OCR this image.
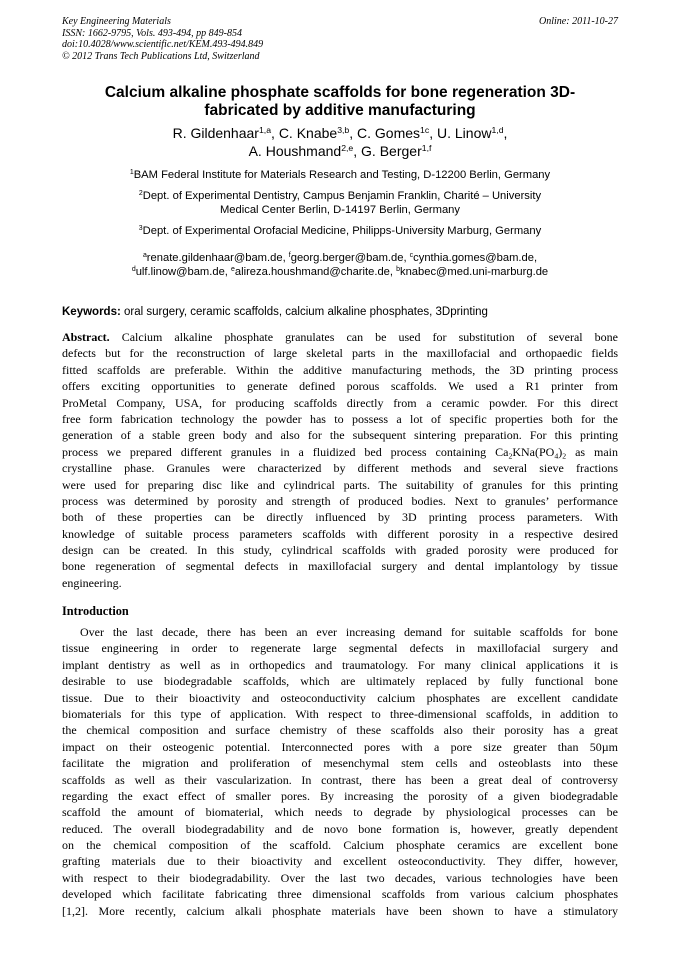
Key Engineering Materials
ISSN: 1662-9795, Vols. 493-494, pp 849-854
doi:10.4028/www.scientific.net/KEM.493-494.849
© 2012 Trans Tech Publications Ltd, Switzerland
Online: 2011-10-27
Calcium alkaline phosphate scaffolds for bone regeneration 3D-
fabricated by additive manufacturing
R. Gildenhaar$^{1,a}$, C. Knabe$^{3,b}$, C. Gomes$^{1c}$, U. Linow$^{1,d}$,
A. Houshmand$^{2,e}$, G. Berger$^{1,f}$
$^1$BAM Federal Institute for Materials Research and Testing, D-12200 Berlin, Germany
$^2$Dept. of Experimental Dentistry, Campus Benjamin Franklin, Charité – University
Medical Center Berlin, D-14197 Berlin, Germany
$^3$Dept. of Experimental Orofacial Medicine, Philipps-University Marburg, Germany
$^a$renate.gildenhaar@bam.de, $^f$georg.berger@bam.de, $^c$cynthia.gomes@bam.de,
$^d$ulf.linow@bam.de, $^e$alireza.houshmand@charite.de, $^b$knabec@med.uni-marburg.de
Keywords: oral surgery, ceramic scaffolds, calcium alkaline phosphates, 3Dprinting
Abstract. Calcium alkaline phosphate granulates can be used for substitution of several bone
defects but for the reconstruction of large skeletal parts in the maxillofacial and orthopaedic fields
fitted scaffolds are preferable. Within the additive manufacturing methods, the 3D printing process
offers exciting opportunities to generate defined porous scaffolds. We used a R1 printer from
ProMetal Company, USA, for producing scaffolds directly from a ceramic powder. For this direct
free form fabrication technology the powder has to possess a lot of specific properties both for the
generation of a stable green body and also for the subsequent sintering preparation. For this printing
process we prepared different granules in a fluidized bed process containing $Ca_2KNa(PO_4)_2$ as main
crystalline phase. Granules were characterized by different methods and several sieve fractions
were used for preparing disc like and cylindrical parts. The suitability of granules for this printing
process was determined by porosity and strength of produced bodies. Next to granules’ performance
both of these properties can be directly influenced by 3D printing process parameters. With
knowledge of suitable process parameters scaffolds with different porosity in a respective desired
design can be created. In this study, cylindrical scaffolds with graded porosity were produced for
bone regeneration of segmental defects in maxillofacial surgery and dental implantology by tissue
engineering.
Introduction
Over the last decade, there has been an ever increasing demand for suitable scaffolds for bone
tissue engineering in order to regenerate large segmental defects in maxillofacial surgery and
implant dentistry as well as in orthopedics and traumatology. For many clinical applications it is
desirable to use biodegradable scaffolds, which are ultimately replaced by fully functional bone
tissue. Due to their bioactivity and osteoconductivity calcium phosphates are excellent candidate
biomaterials for this type of application. With respect to three-dimensional scaffolds, in addition to
the chemical composition and surface chemistry of these scaffolds also their porosity has a great
impact on their osteogenic potential. Interconnected pores with a pore size greater than 50µm
facilitate the migration and proliferation of mesenchymal stem cells and osteoblasts into these
scaffolds as well as their vascularization. In contrast, there has been a great deal of controversy
regarding the exact effect of smaller pores. By increasing the porosity of a given biodegradable
scaffold the amount of biomaterial, which needs to degrade by physiological processes can be
reduced. The overall biodegradability and de novo bone formation is, however, greatly dependent
on the chemical composition of the scaffold. Calcium phosphate ceramics are excellent bone
grafting materials due to their bioactivity and excellent osteoconductivity. They differ, however,
with respect to their biodegradability. Over the last two decades, various technologies have been
developed which facilitate fabricating three dimensional scaffolds from various calcium phosphates
[1,2]. More recently, calcium alkali phosphate materials have been shown to have a stimulatory
